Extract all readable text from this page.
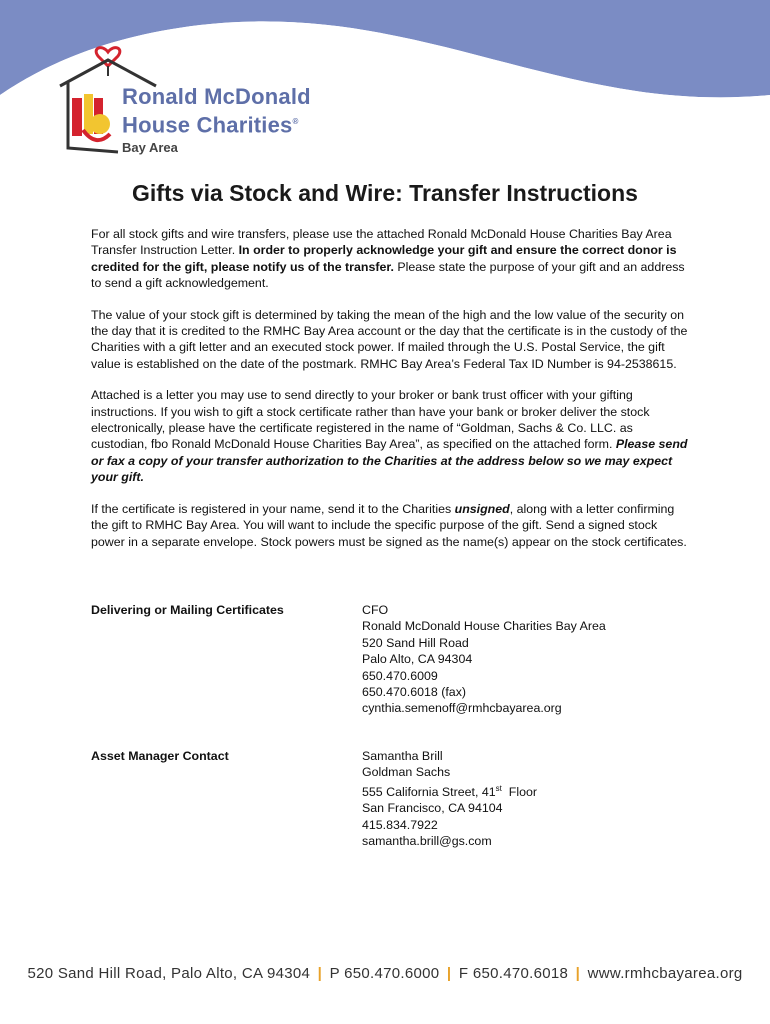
Ronald McDonald
House Charities®
Bay Area
Gifts via Stock and Wire: Transfer Instructions

For all stock gifts and wire transfers, please use the attached Ronald McDonald House Charities Bay Area Transfer Instruction Letter. In order to properly acknowledge your gift and ensure the correct donor is credited for the gift, please notify us of the transfer. Please state the purpose of your gift and an address to send a gift acknowledgement.

The value of your stock gift is determined by taking the mean of the high and the low value of the security on the day that it is credited to the RMHC Bay Area account or the day that the certificate is in the custody of the Charities with a gift letter and an executed stock power. If mailed through the U.S. Postal Service, the gift value is established on the date of the postmark. RMHC Bay Area’s Federal Tax ID Number is 94-2538615.

Attached is a letter you may use to send directly to your broker or bank trust officer with your gifting instructions. If you wish to gift a stock certificate rather than have your bank or broker deliver the stock electronically, please have the certificate registered in the name of “Goldman, Sachs & Co. LLC. as custodian, fbo Ronald McDonald House Charities Bay Area”, as specified on the attached form. Please send or fax a copy of your transfer authorization to the Charities at the address below so we may expect your gift.

If the certificate is registered in your name, send it to the Charities unsigned, along with a letter confirming the gift to RMHC Bay Area. You will want to include the specific purpose of the gift. Send a signed stock power in a separate envelope. Stock powers must be signed as the name(s) appear on the stock certificates.

Delivering or Mailing Certificates	CFO
Ronald McDonald House Charities Bay Area
520 Sand Hill Road
Palo Alto, CA 94304
650.470.6009
650.470.6018 (fax)
cynthia.semenoff@rmhcbayarea.org
Asset Manager Contact	Samantha Brill
Goldman Sachs
555 California Street, 41st  Floor
San Francisco, CA 94104
415.834.7922
samantha.brill@gs.com
520 Sand Hill Road, Palo Alto, CA 94304 | P 650.470.6000 | F 650.470.6018 | www.rmhcbayarea.org
